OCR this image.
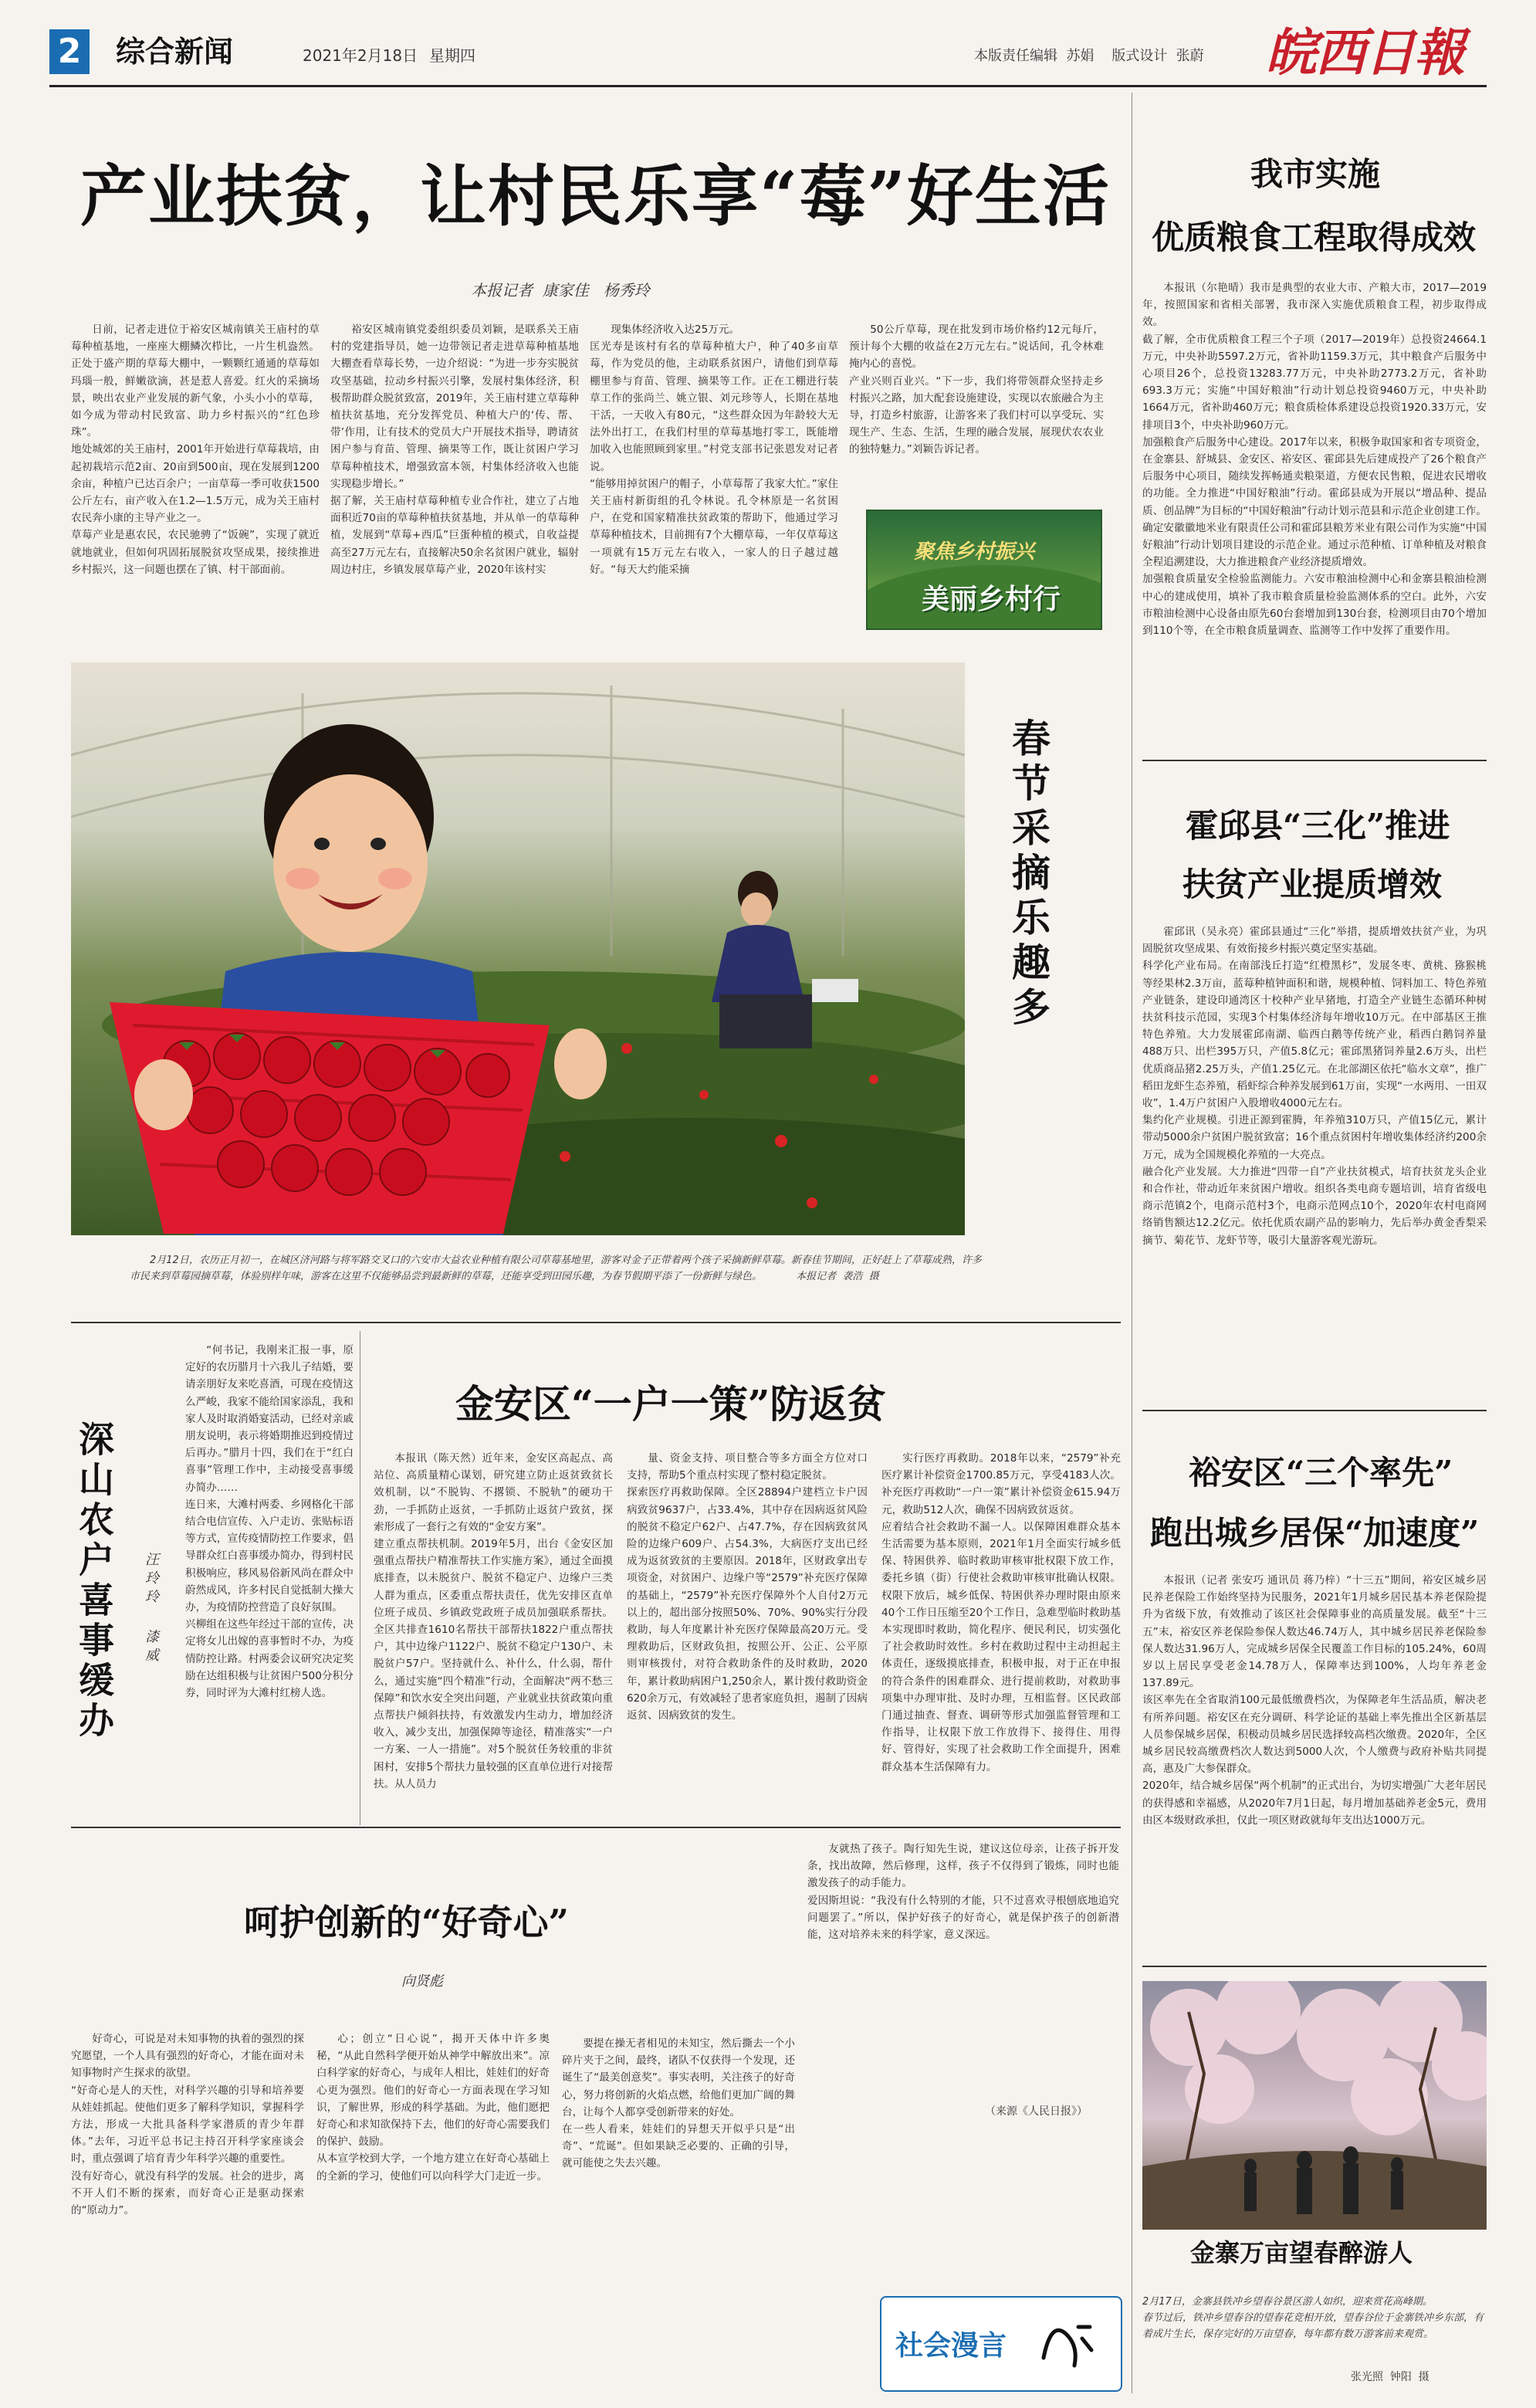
2 综合新闻	2021年2月18日 星期四	本版责任编辑  苏娟    版式设计  张蔚 皖西日報
产业扶贫，让村民乐享“莓”好生活
本报记者  康家佳   杨秀玲
日前，记者走进位于裕安区城南镇关王庙村的草莓种植基地，一座座大棚鳞次栉比，一片生机盎然。正处于盛产期的草莓大棚中，一颗颗红通通的草莓如玛瑙一般，鲜嫩欲滴，甚是惹人喜爱。红火的采摘场景，映出农业产业发展的新气象，小头小小的草莓，如今成为带动村民致富、助力乡村振兴的“红色珍珠”。
地处城郊的关王庙村，2001年开始进行草莓栽培，由起初栽培示范2亩、20亩到500亩，现在发展到1200余亩，种植户已达百余户；一亩草莓一季可收获1500公斤左右，亩产收入在1.2—1.5万元，成为关王庙村农民奔小康的主导产业之一。
草莓产业是惠农民，农民驰骋了“饭碗”，实现了就近就地就业，但如何巩固拓展脱贫攻坚成果，接续推进乡村振兴，这一问题也摆在了镇、村干部面前。
裕安区城南镇党委组织委员刘颖，是联系关王庙村的党建指导员，她一边带领记者走进草莓种植基地大棚查看草莓长势，一边介绍说：“为进一步夯实脱贫攻坚基础，拉动乡村振兴引擎，发展村集体经济，积极帮助群众脱贫致富，2019年，关王庙村建立草莓种植扶贫基地，充分发挥党员、种植大户的‘传、帮、带’作用，让有技术的党员大户开展技术指导，聘请贫困户参与育苗、管理、摘果等工作，既让贫困户学习草莓种植技术，增强致富本领，村集体经济收入也能实现稳步增长。”
据了解，关王庙村草莓种植专业合作社，建立了占地面积近70亩的草莓种植扶贫基地，并从单一的草莓种植，发展到“草莓+西瓜”巨蛋种植的模式，自收益提高至27万元左右，直接解决50余名贫困户就业，辐射周边村庄，乡镇发展草莓产业，2020年该村实
现集体经济收入达25万元。
匡光寿是该村有名的草莓种植大户，种了40多亩草莓，作为党员的他，主动联系贫困户，请他们到草莓棚里参与育苗、管理、摘果等工作。正在工棚进行装草工作的张尚兰、姚立银、刘元珍等人，长期在基地干活，一天收入有80元，“这些群众因为年龄较大无法外出打工，在我们村里的草莓基地打零工，既能增加收入也能照顾到家里。”村党支部书记张恩发对记者说。
“能够用掉贫困户的帽子，小草莓帮了我家大忙。”家住关王庙村新街组的孔令林说。孔令林原是一名贫困户，在党和国家精准扶贫政策的帮助下，他通过学习草莓种植技术，目前拥有7个大棚草莓，一年仅草莓这一项就有15万元左右收入，一家人的日子越过越好。“每天大约能采摘
50公斤草莓，现在批发到市场价格约12元每斤，预计每个大棚的收益在2万元左右。”说话间，孔令林难掩内心的喜悦。
产业兴则百业兴。“下一步，我们将带领群众坚持走乡村振兴之路，加大配套设施建设，实现以农旅融合为主导，打造乡村旅游，让游客来了我们村可以享受玩、实现生产、生态、生活，生理的融合发展，展现伏农农业的独特魅力。”刘颖告诉记者。
聚焦乡村振兴
美丽乡村行
春节采摘乐趣多
2月12日，农历正月初一，在城区济河路与将军路交叉口的六安市大益农业种植有限公司草莓基地里，游客对金子正带着两个孩子采摘新鲜草莓。新春佳节期间，正好赶上了草莓成熟，许多市民来到草莓园摘草莓，体验别样年味，游客在这里不仅能够品尝到最新鲜的草莓，还能享受到田园乐趣，为春节假期平添了一份新鲜与绿色。	本报记者  袭浩  摄
我市实施
优质粮食工程取得成效
本报讯（尔艳晴）我市是典型的农业大市、产粮大市，2017—2019年，按照国家和省相关部署，我市深入实施优质粮食工程，初步取得成效。
截了解，全市优质粮食工程三个子项（2017—2019年）总投资24664.1万元，中央补助5597.2万元，省补助1159.3万元，其中粮食产后服务中心项目26个，总投资13283.77万元，中央补助2773.2万元，省补助693.3万元；实施“中国好粮油”行动计划总投资9460万元，中央补助1664万元，省补助460万元；粮食质检体系建设总投资1920.33万元，安排项目3个，中央补助960万元。
加强粮食产后服务中心建设。2017年以来，积极争取国家和省专项资金，在金寨县、舒城县、金安区、裕安区、霍邱县先后建成投产了26个粮食产后服务中心项目，随续发挥畅通卖粮渠道，方便农民售粮，促进农民增收的功能。全力推进“中国好粮油”行动。霍邱县成为开展以“增品种、提品质、创品牌”为目标的“中国好粮油”行动计划示范县和示范企业创建工作。确定安徽徽地米业有限责任公司和霍邱县粮芳米业有限公司作为实施“中国好粮油”行动计划项目建设的示范企业。通过示范种植、订单种植及对粮食全程追溯建设，大力推进粮食产业经济提质增效。
加强粮食质量安全检验监测能力。六安市粮油检测中心和金寨县粮油检测中心的建成使用，填补了我市粮食质量检验监测体系的空白。此外，六安市粮油检测中心设备由原先60台套增加到130台套，检测项目由70个增加到110个等，在全市粮食质量调查、监测等工作中发挥了重要作用。
霍邱县“三化”推进
扶贫产业提质增效
霍邱讯（吴永亮）霍邱县通过“三化”举措，提质增效扶贫产业，为巩固脱贫攻坚成果、有效衔接乡村振兴奠定坚实基础。
科学化产业布局。在南部浅丘打造“红橙黑杉”，发展冬枣、黄桃、猕猴桃等经果林2.3万亩，蓝莓种植钟面积和谐，规模种植、饲料加工、特色养殖产业链条，建设印通湾区十校种产业早猪地，打造全产业链生态循环种树扶贫科技示范园，实现3个村集体经济每年增收10万元。在中部基区王推特色养殖。大力发展霍邱南湖、临西白鹅等传统产业，稻西白鹅饲养量488万只、出栏395万只，产值5.8亿元；霍邱黑猪饲养量2.6万头，出栏优质商品猪2.25万头，产值1.25亿元。在北部湖区依托“临水文章”，推广稻田龙虾生态养殖，稻虾综合种养发展到61万亩，实现“一水两用、一田双收”，1.4万户贫困户入股增收4000元左右。
集约化产业规模。引进正源到霍腾，年养殖310万只，产值15亿元，累计带动5000余户贫困户脱贫致富；16个重点贫困村年增收集体经济约200余万元，成为全国规模化养殖的一大亮点。
融合化产业发展。大力推进“四带一自”产业扶贫模式，培育扶贫龙头企业和合作社，带动近年来贫困户增收。组织各类电商专题培训，培育省级电商示范镇2个，电商示范村3个，电商示范网点10个，2020年农村电商网络销售额达12.2亿元。依托优质农副产品的影响力，先后举办黄金香梨采摘节、菊花节、龙虾节等，吸引大量游客观光游玩。
裕安区“三个率先”
跑出城乡居保“加速度”
本报讯（记者 张安巧 通讯员 蒋乃梓）“十三五”期间，裕安区城乡居民养老保险工作始终坚持为民服务，2021年1月城乡居民基本养老保险提升为省级下放，有效推动了该区社会保障事业的高质量发展。截至“十三五”末，裕安区养老保险参保人数达46.74万人，其中城乡居民养老保险参保人数达31.96万人，完成城乡居保全民覆盖工作目标的105.24%，60周岁以上居民享受老金14.78万人，保障率达到100%，人均年养老金137.89元。
该区率先在全省取消100元最低缴费档次，为保障老年生活品质，解决老有所养问题。裕安区在充分调研、科学论证的基础上率先推出全区新基层人员参保城乡居保，积极动员城乡居民选择较高档次缴费。2020年，全区城乡居民较高缴费档次人数达到5000人次，个人缴费与政府补贴共同提高，惠及广大参保群众。
2020年，结合城乡居保“两个机制”的正式出台，为切实增强广大老年居民的获得感和幸福感，从2020年7月1日起，每月增加基础养老金5元，费用由区本级财政承担，仅此一项区财政就每年支出达1000万元。
金寨万亩望春醉游人

2月17日，金寨县铁冲乡望春谷景区游人如织，迎来赏花高峰期。
春节过后，铁冲乡望春谷的望春花竞相开放，望春谷位于金寨铁冲乡东部，有着成片生长，保存完好的万亩望春，每年都有数万游客前来观赏。

张光照  钟阳  摄
深山农户喜事缓办 汪玲玲
漆威
“何书记，我刚来汇报一事，原定好的农历腊月十六我儿子结婚，要请亲朋好友来吃喜酒，可现在疫情这么严峻，我家不能给国家添乱，我和家人及时取消婚宴活动，已经对亲戚朋友说明，表示将婚期推迟到疫情过后再办。”腊月十四，我们在于“红白喜事”管理工作中，主动接受喜事缓办简办……
连日来，大滩村两委、乡网格化干部结合电信宣传、入户走访、张贴标语等方式，宣传疫情防控工作要求，倡导群众红白喜事缓办简办，得到村民积极响应，移风易俗新风尚在群众中蔚然成风，许多村民自觉抵制大操大办，为疫情防控营造了良好氛围。
兴柳组在这些年经过干部的宣传，决定将女儿出嫁的喜事暂时不办，为疫情防控让路。村两委会议研究决定奖励在达组积极与让贫困户500分积分券，同时评为大滩村红榜人选。
金安区“一户一策”防返贫
本报讯（陈天然）近年来，金安区高起点、高站位、高质量精心谋划，研究建立防止返贫致贫长效机制，以“不脱钩、不撂锁、不脱轨”的硬功干劲，一手抓防止返贫，一手抓防止返贫户致贫，探索形成了一套行之有效的“金安方案”。
建立重点帮扶机制。2019年5月，出台《金安区加强重点帮扶户精准帮扶工作实施方案》，通过全面摸底排查，以未脱贫户、脱贫不稳定户、边缘户三类人群为重点，区委重点帮扶责任，优先安排区直单位班子成员、乡镇政党政班子成员加强联系帮扶。全区共排查1610名帮扶干部帮扶1822户重点帮扶户，其中边缘户1122户、脱贫不稳定户130户、未脱贫户57户。坚持就什么、补什么，什么弱，帮什么，通过实施“四个精准”行动，全面解决“两不愁三保障”和饮水安全突出问题，产业就业扶贫政策向重点帮扶户倾斜扶持，有效激发内生动力，增加经济收入，减少支出，加强保障等途径，精准落实“一户一方案、一人一措施”。对5个脱贫任务较重的非贫困村，安排5个帮扶力量较强的区直单位进行对接帮扶。从人员力
量、资金支持、项目整合等多方面全方位对口支持，帮助5个重点村实现了整村稳定脱贫。
探索医疗再救助保障。全区28894户建档立卡户因病致贫9637户，占33.4%，其中存在因病返贫风险的脱贫不稳定户62户、占47.7%，存在因病致贫风险的边缘户609户、占54.3%，大病医疗支出已经成为返贫致贫的主要原因。2018年，区财政拿出专项资金，对贫困户、边缘户等“2579”补充医疗保障的基础上，“2579”补充医疗保障外个人自付2万元以上的，超出部分按照50%、70%、90%实行分段救助，每人年度累计补充医疗保障最高20万元。受理救助后，区财政负担，按照公开、公正、公平原则审核拨付，对符合救助条件的及时救助，2020年，累计救助病困户1,250余人，累计拨付救助资金620余万元，有效减轻了患者家庭负担，遏制了因病返贫、因病致贫的发生。
实行医疗再救助。2018年以来，“2579”补充医疗累计补偿资金1700.85万元，享受4183人次。补充医疗再救助“一户一策”累计补偿资金615.94万元，救助512人次，确保不因病致贫返贫。
应着结合社会救助不漏一人。以保障困难群众基本生活需要为基本原则，2021年1月全面实行城乡低保、特困供养、临时救助审核审批权限下放工作，委托乡镇（街）行使社会救助审核审批确认权限。权限下放后，城乡低保、特困供养办理时限由原来40个工作日压缩至20个工作日，急难型临时救助基本实现即时救助，简化程序、便民利民，切实强化了社会救助时效性。乡村在救助过程中主动担起主体责任，逐级摸底排查，积极申报，对于正在申报的符合条件的困难群众、进行提前救助，对救助事项集中办理审批、及时办理，互相监督。区民政部门通过抽查、督查、调研等形式加强监督管理和工作指导，让权限下放工作放得下、接得住、用得好、管得好，实现了社会救助工作全面提升，困难群众基本生活保障有力。
呵护创新的“好奇心”
向贤彪
好奇心，可说是对未知事物的执着的强烈的探究愿望，一个人具有强烈的好奇心，才能在面对未知事物时产生探求的欲望。
“好奇心是人的天性，对科学兴趣的引导和培养要从娃娃抓起。使他们更多了解科学知识，掌握科学方法，形成一大批具备科学家潜质的青少年群体。”去年，习近平总书记主持召开科学家座谈会时，重点强调了培育青少年科学兴趣的重要性。
没有好奇心，就没有科学的发展。社会的进步，离不开人们不断的探索，而好奇心正是驱动探索的“原动力”。
心；创立“日心说”，揭开天体中许多奥秘，“从此自然科学便开始从神学中解放出来”。凉白科学家的好奇心，与成年人相比，娃娃们的好奇心更为强烈。他们的好奇心一方面表现在学习知识，了解世界，形成的科学基础。为此，他们愿把好奇心和求知欲保持下去，他们的好奇心需要我们的保护、鼓励。
从本宣学校到大学，一个地方建立在好奇心基础上的全新的学习，使他们可以向科学大门走近一步。
要提在操无者相见的未知宝，然后撕去一个小碎片夹于之间，最终，诸队不仅获得一个发现，还诞生了“最美创意奖”。事实表明，关注孩子的好奇心，努力将创新的火焰点燃，给他们更加广阔的舞台，让每个人都享受创新带来的好处。
在一些人看来，娃娃们的异想天开似乎只是“出奇”、“荒诞”。但如果缺乏必要的、正确的引导，就可能使之失去兴趣。
友就热了孩子。陶行知先生说，建议这位母亲，让孩子拆开发条，找出故障，然后修理，这样，孩子不仅得到了锻炼，同时也能激发孩子的动手能力。
爱因斯坦说：“我没有什么特别的才能，只不过喜欢寻根刨底地追究问题罢了。”所以，保护好孩子的好奇心，就是保护孩子的创新潜能，这对培养未来的科学家，意义深远。
（来源《人民日报》）
社会漫言
